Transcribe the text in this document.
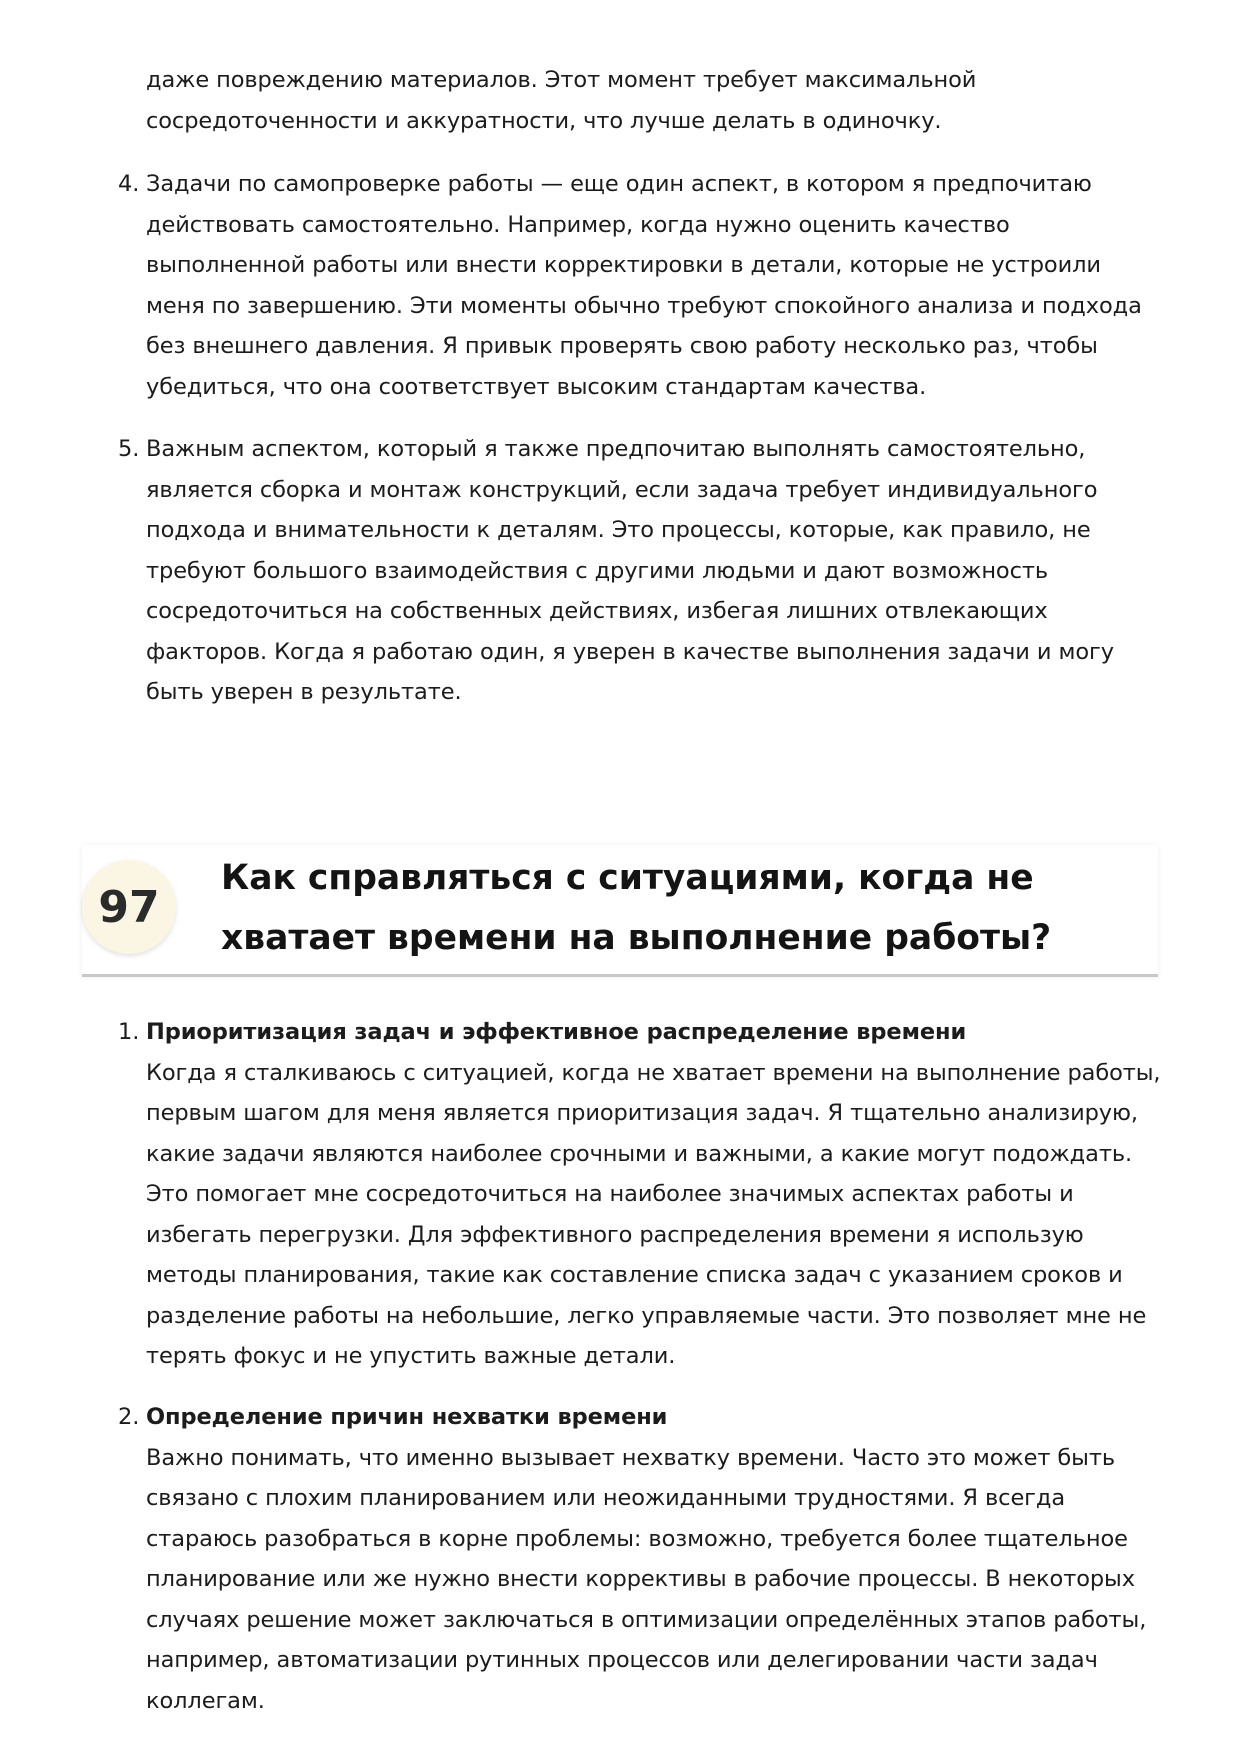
даже повреждению материалов. Этот момент требует максимальной сосредоточенности и аккуратности, что лучше делать в одиночку.
4. Задачи по самопроверке работы — еще один аспект, в котором я предпочитаю действовать самостоятельно. Например, когда нужно оценить качество выполненной работы или внести корректировки в детали, которые не устроили меня по завершению. Эти моменты обычно требуют спокойного анализа и подхода без внешнего давления. Я привык проверять свою работу несколько раз, чтобы убедиться, что она соответствует высоким стандартам качества.
5. Важным аспектом, который я также предпочитаю выполнять самостоятельно, является сборка и монтаж конструкций, если задача требует индивидуального подхода и внимательности к деталям. Это процессы, которые, как правило, не требуют большого взаимодействия с другими людьми и дают возможность сосредоточиться на собственных действиях, избегая лишних отвлекающих факторов. Когда я работаю один, я уверен в качестве выполнения задачи и могу быть уверен в результате.
97
Как справляться с ситуациями, когда не хватает времени на выполнение работы?
1. Приоритизация задач и эффективное распределение времени
Когда я сталкиваюсь с ситуацией, когда не хватает времени на выполнение работы, первым шагом для меня является приоритизация задач. Я тщательно анализирую, какие задачи являются наиболее срочными и важными, а какие могут подождать. Это помогает мне сосредоточиться на наиболее значимых аспектах работы и избегать перегрузки. Для эффективного распределения времени я использую методы планирования, такие как составление списка задач с указанием сроков и разделение работы на небольшие, легко управляемые части. Это позволяет мне не терять фокус и не упустить важные детали.
2. Определение причин нехватки времени
Важно понимать, что именно вызывает нехватку времени. Часто это может быть связано с плохим планированием или неожиданными трудностями. Я всегда стараюсь разобраться в корне проблемы: возможно, требуется более тщательное планирование или же нужно внести коррективы в рабочие процессы. В некоторых случаях решение может заключаться в оптимизации определённых этапов работы, например, автоматизации рутинных процессов или делегировании части задач коллегам.
